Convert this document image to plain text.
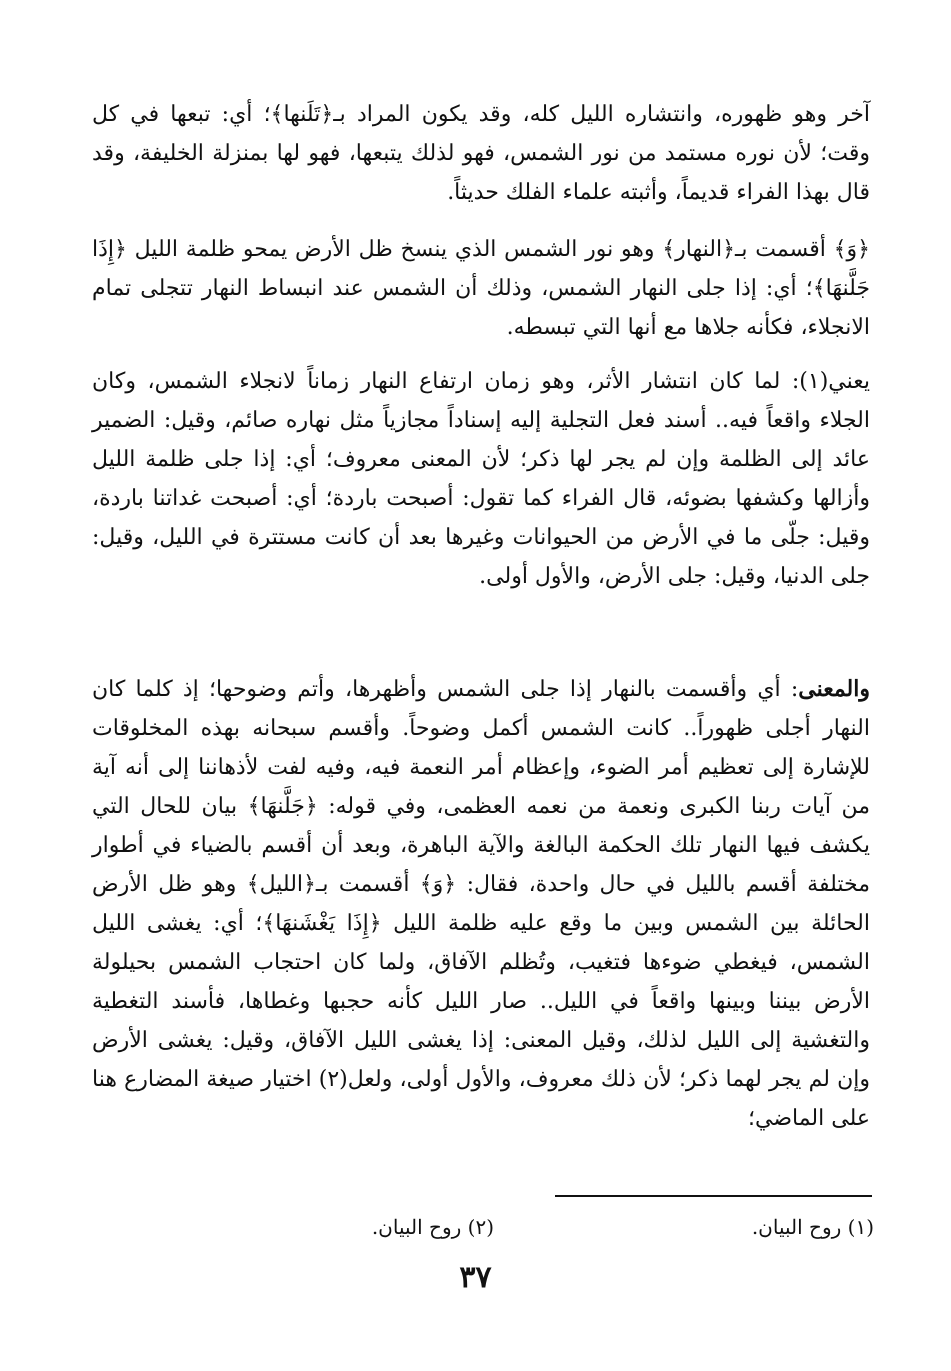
آخر وهو ظهوره، وانتشاره الليل كله، وقد يكون المراد بـ﴿تَلَنها﴾؛ أي: تبعها في كل وقت؛ لأن نوره مستمد من نور الشمس، فهو لذلك يتبعها، فهو لها بمنزلة الخليفة، وقد قال بهذا الفراء قديماً، وأثبته علماء الفلك حديثاً.

﴿وَ﴾ أقسمت بـ﴿النهار﴾ وهو نور الشمس الذي ينسخ ظل الأرض يمحو ظلمة الليل ﴿إِذَا جَلَّنهَا﴾؛ أي: إذا جلى النهار الشمس، وذلك أن الشمس عند انبساط النهار تتجلى تمام الانجلاء، فكأنه جلاها مع أنها التي تبسطه.

يعني(١): لما كان انتشار الأثر، وهو زمان ارتفاع النهار زماناً لانجلاء الشمس، وكان الجلاء واقعاً فيه.. أسند فعل التجلية إليه إسناداً مجازياً مثل نهاره صائم، وقيل: الضمير عائد إلى الظلمة وإن لم يجر لها ذكر؛ لأن المعنى معروف؛ أي: إذا جلى ظلمة الليل وأزالها وكشفها بضوئه، قال الفراء كما تقول: أصبحت باردة؛ أي: أصبحت غداتنا باردة، وقيل: جلّى ما في الأرض من الحيوانات وغيرها بعد أن كانت مستترة في الليل، وقيل: جلى الدنيا، وقيل: جلى الأرض، والأول أولى.

والمعنى: أي وأقسمت بالنهار إذا جلى الشمس وأظهرها، وأتم وضوحها؛ إذ كلما كان النهار أجلى ظهوراً.. كانت الشمس أكمل وضوحاً. وأقسم سبحانه بهذه المخلوقات للإشارة إلى تعظيم أمر الضوء، وإعظام أمر النعمة فيه، وفيه لفت لأذهاننا إلى أنه آية من آيات ربنا الكبرى ونعمة من نعمه العظمى، وفي قوله: ﴿جَلَّنهَا﴾ بيان للحال التي يكشف فيها النهار تلك الحكمة البالغة والآية الباهرة، وبعد أن أقسم بالضياء في أطوار مختلفة أقسم بالليل في حال واحدة، فقال: ﴿وَ﴾ أقسمت بـ﴿الليل﴾ وهو ظل الأرض الحائلة بين الشمس وبين ما وقع عليه ظلمة الليل ﴿إِذَا يَغْشَنهَا﴾؛ أي: يغشى الليل الشمس، فيغطي ضوءها فتغيب، وتُظلم الآفاق، ولما كان احتجاب الشمس بحيلولة الأرض بيننا وبينها واقعاً في الليل.. صار الليل كأنه حجبها وغطاها، فأسند التغطية والتغشية إلى الليل لذلك، وقيل المعنى: إذا يغشى الليل الآفاق، وقيل: يغشى الأرض وإن لم يجر لهما ذكر؛ لأن ذلك معروف، والأول أولى، ولعل(٢) اختيار صيغة المضارع هنا على الماضي؛

(١) روح البيان.
(٢) روح البيان.
٣٧
